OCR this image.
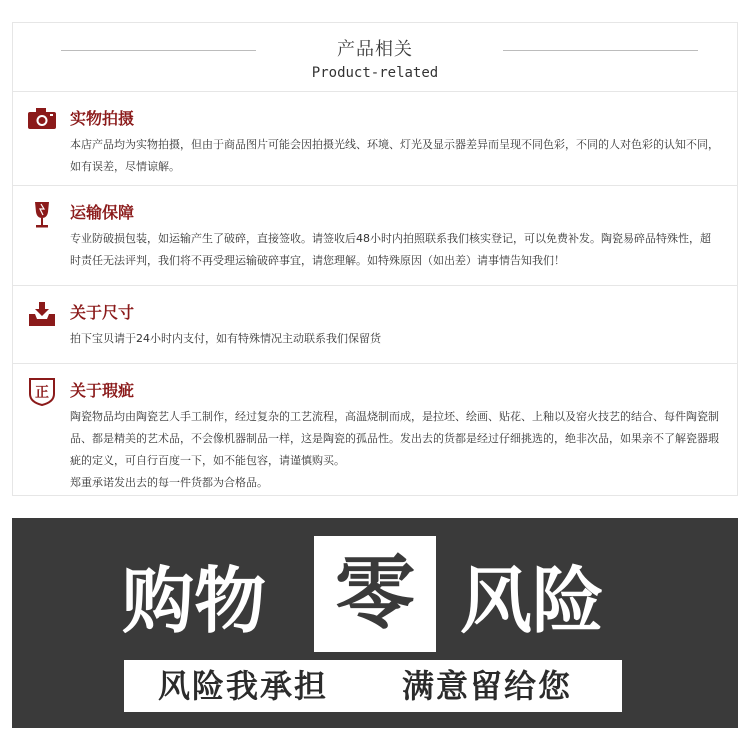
产品相关
Product-related
实物拍摄
本店产品均为实物拍摄，但由于商品图片可能会因拍摄光线、环境、灯光及显示器差异而呈现不同色彩，不同的人对色彩的认知不同，如有误差，尽情谅解。
运输保障
专业防破损包装，如运输产生了破碎，直接签收。请签收后48小时内拍照联系我们核实登记，可以免费补发。陶瓷易碎品特殊性，超时责任无法评判，我们将不再受理运输破碎事宜，请您理解。如特殊原因（如出差）请事情告知我们！
关于尺寸
拍下宝贝请于24小时内支付，如有特殊情况主动联系我们保留货
正 关于瑕疵
陶瓷物品均由陶瓷艺人手工制作，经过复杂的工艺流程，高温烧制而成，是拉坯、绘画、贴花、上釉以及窑火技艺的结合、每件陶瓷制品、都是精美的艺术品，不会像机器制品一样，这是陶瓷的孤品性。发出去的货都是经过仔细挑选的，绝非次品，如果亲不了解瓷器瑕疵的定义，可自行百度一下，如不能包容，请谨慎购买。
郑重承诺发出去的每一件货都为合格品。
购物 零 风险
风险我承担 满意留给您
